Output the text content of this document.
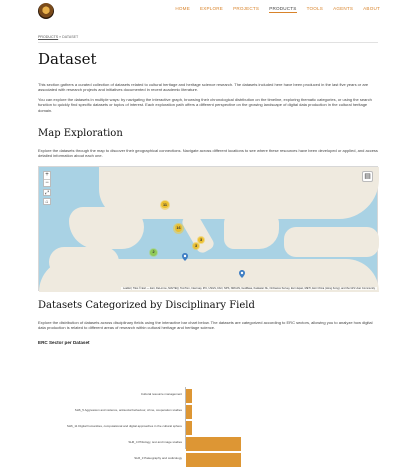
HOME EXPLORE PROJECTS PRODUCTS TOOLS AGENTS ABOUT
PRODUCTS » DATASET
Dataset

This section gathers a curated collection of datasets related to cultural heritage and heritage science research. The datasets included here have been produced in the last five years or are associated with research projects and initiatives documented in recent academic literature.

You can explore the datasets in multiple ways: by navigating the interactive graph, browsing their chronological distribution on the timeline, exploring thematic categories, or using the search function to quickly find specific datasets or topics of interest. Each exploration path offers a different perspective on the growing landscape of digital data production in the cultural heritage domain.

Map Exploration

Explore the datasets through the map to discover their geographical connections. Navigate across different locations to see where these resources have been developed or applied, and access detailed information about each one.

+
−
⤢
⌂
▤
11
16
2
3
3
Leaflet | Tiles © Esri — Esri, DeLorme, NAVTEQ, TomTom, Intermap, iPC, USGS, FAO, NPS, NRCAN, GeoBase, Kadaster NL, Ordnance Survey, Esri Japan, METI, Esri China (Hong Kong), and the GIS User Community
Datasets Categorized by Disciplinary Field

Explore the distribution of datasets across disciplinary fields using the interactive bar chart below. The datasets are categorized according to ERC sectors, allowing you to analyze how digital data production is related to different areas of research within cultural heritage and heritage science.

ERC Sector per Dataset
Cultural resource management
SH6_5 Aggression and violence, antisocial behaviour, crime, cooperation studies
SH6_11 Digital humanities, computational and digital approaches in the cultural sphere
SH6_4 Philology, text and image studies
SH6_3 Paleography and codicology
